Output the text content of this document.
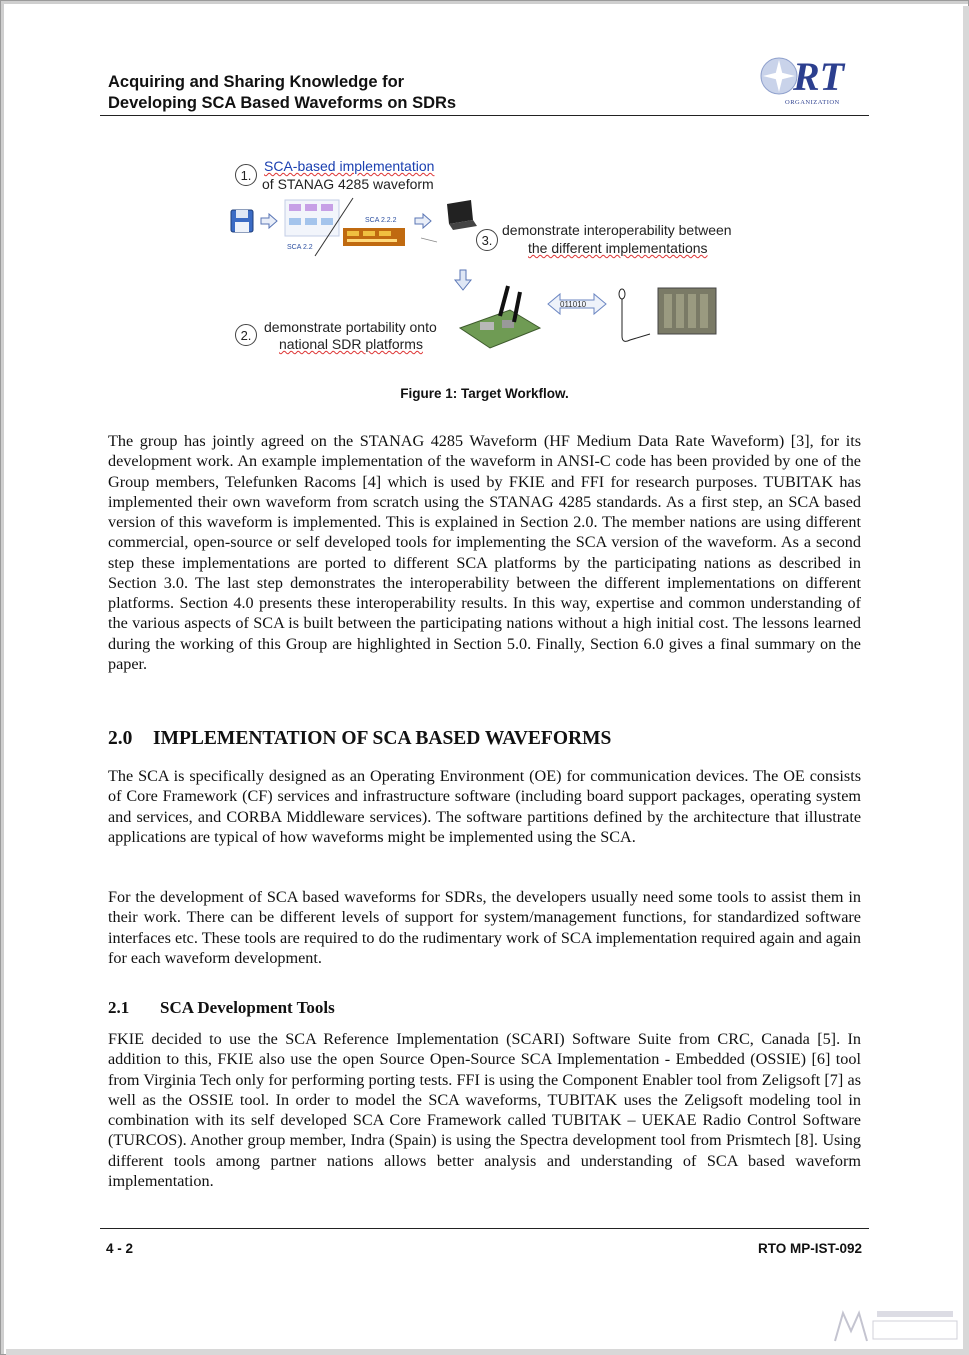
Acquiring and Sharing Knowledge for
Developing SCA Based Waveforms on SDRs
RT
ORGANIZATION
1.
SCA-based implementation
of STANAG 4285 waveform
SCA 2.2
SCA 2.2.2
3.
demonstrate interoperability between
the different implementations
011010
2. demonstrate portability onto
national SDR platforms
Figure 1: Target Workflow.
The group has jointly agreed on the STANAG 4285 Waveform (HF Medium Data Rate Waveform) [3], for its development work. An example implementation of the waveform in ANSI-C code has been provided by one of the Group members, Telefunken Racoms [4] which is used by FKIE and FFI for research purposes. TUBITAK has implemented their own waveform from scratch using the STANAG 4285 standards. As a first step, an SCA based version of this waveform is implemented. This is explained in Section 2.0. The member nations are using different commercial, open-source or self developed tools for implementing the SCA version of the waveform. As a second step these implementations are ported to different SCA platforms by the participating nations as described in Section 3.0. The last step demonstrates the interoperability between the different implementations on different platforms. Section 4.0 presents these interoperability results. In this way, expertise and common understanding of the various aspects of SCA is built between the participating nations without a high initial cost. The lessons learned during the working of this Group are highlighted in Section 5.0. Finally, Section 6.0 gives a final summary on the paper.
2.0 IMPLEMENTATION OF SCA BASED WAVEFORMS
The SCA is specifically designed as an Operating Environment (OE) for communication devices. The OE consists of Core Framework (CF) services and infrastructure software (including board support packages, operating system and services, and CORBA Middleware services). The software partitions defined by the architecture that illustrate applications are typical of how waveforms might be implemented using the SCA.
For the development of SCA based waveforms for SDRs, the developers usually need some tools to assist them in their work. There can be different levels of support for system/management functions, for standardized software interfaces etc. These tools are required to do the rudimentary work of SCA implementation required again and again for each waveform development.
2.1 SCA Development Tools
FKIE decided to use the SCA Reference Implementation (SCARI) Software Suite from CRC, Canada [5]. In addition to this, FKIE also use the open Source Open-Source SCA Implementation - Embedded (OSSIE) [6] tool from Virginia Tech only for performing porting tests. FFI is using the Component Enabler tool from Zeligsoft [7] as well as the OSSIE tool. In order to model the SCA waveforms, TUBITAK uses the Zeligsoft modeling tool in combination with its self developed SCA Core Framework called TUBITAK – UEKAE Radio Control Software (TURCOS). Another group member, Indra (Spain) is using the Spectra development tool from Prismtech [8]. Using different tools among partner nations allows better analysis and understanding of SCA based waveform implementation.
4 - 2	RTO MP-IST-092
